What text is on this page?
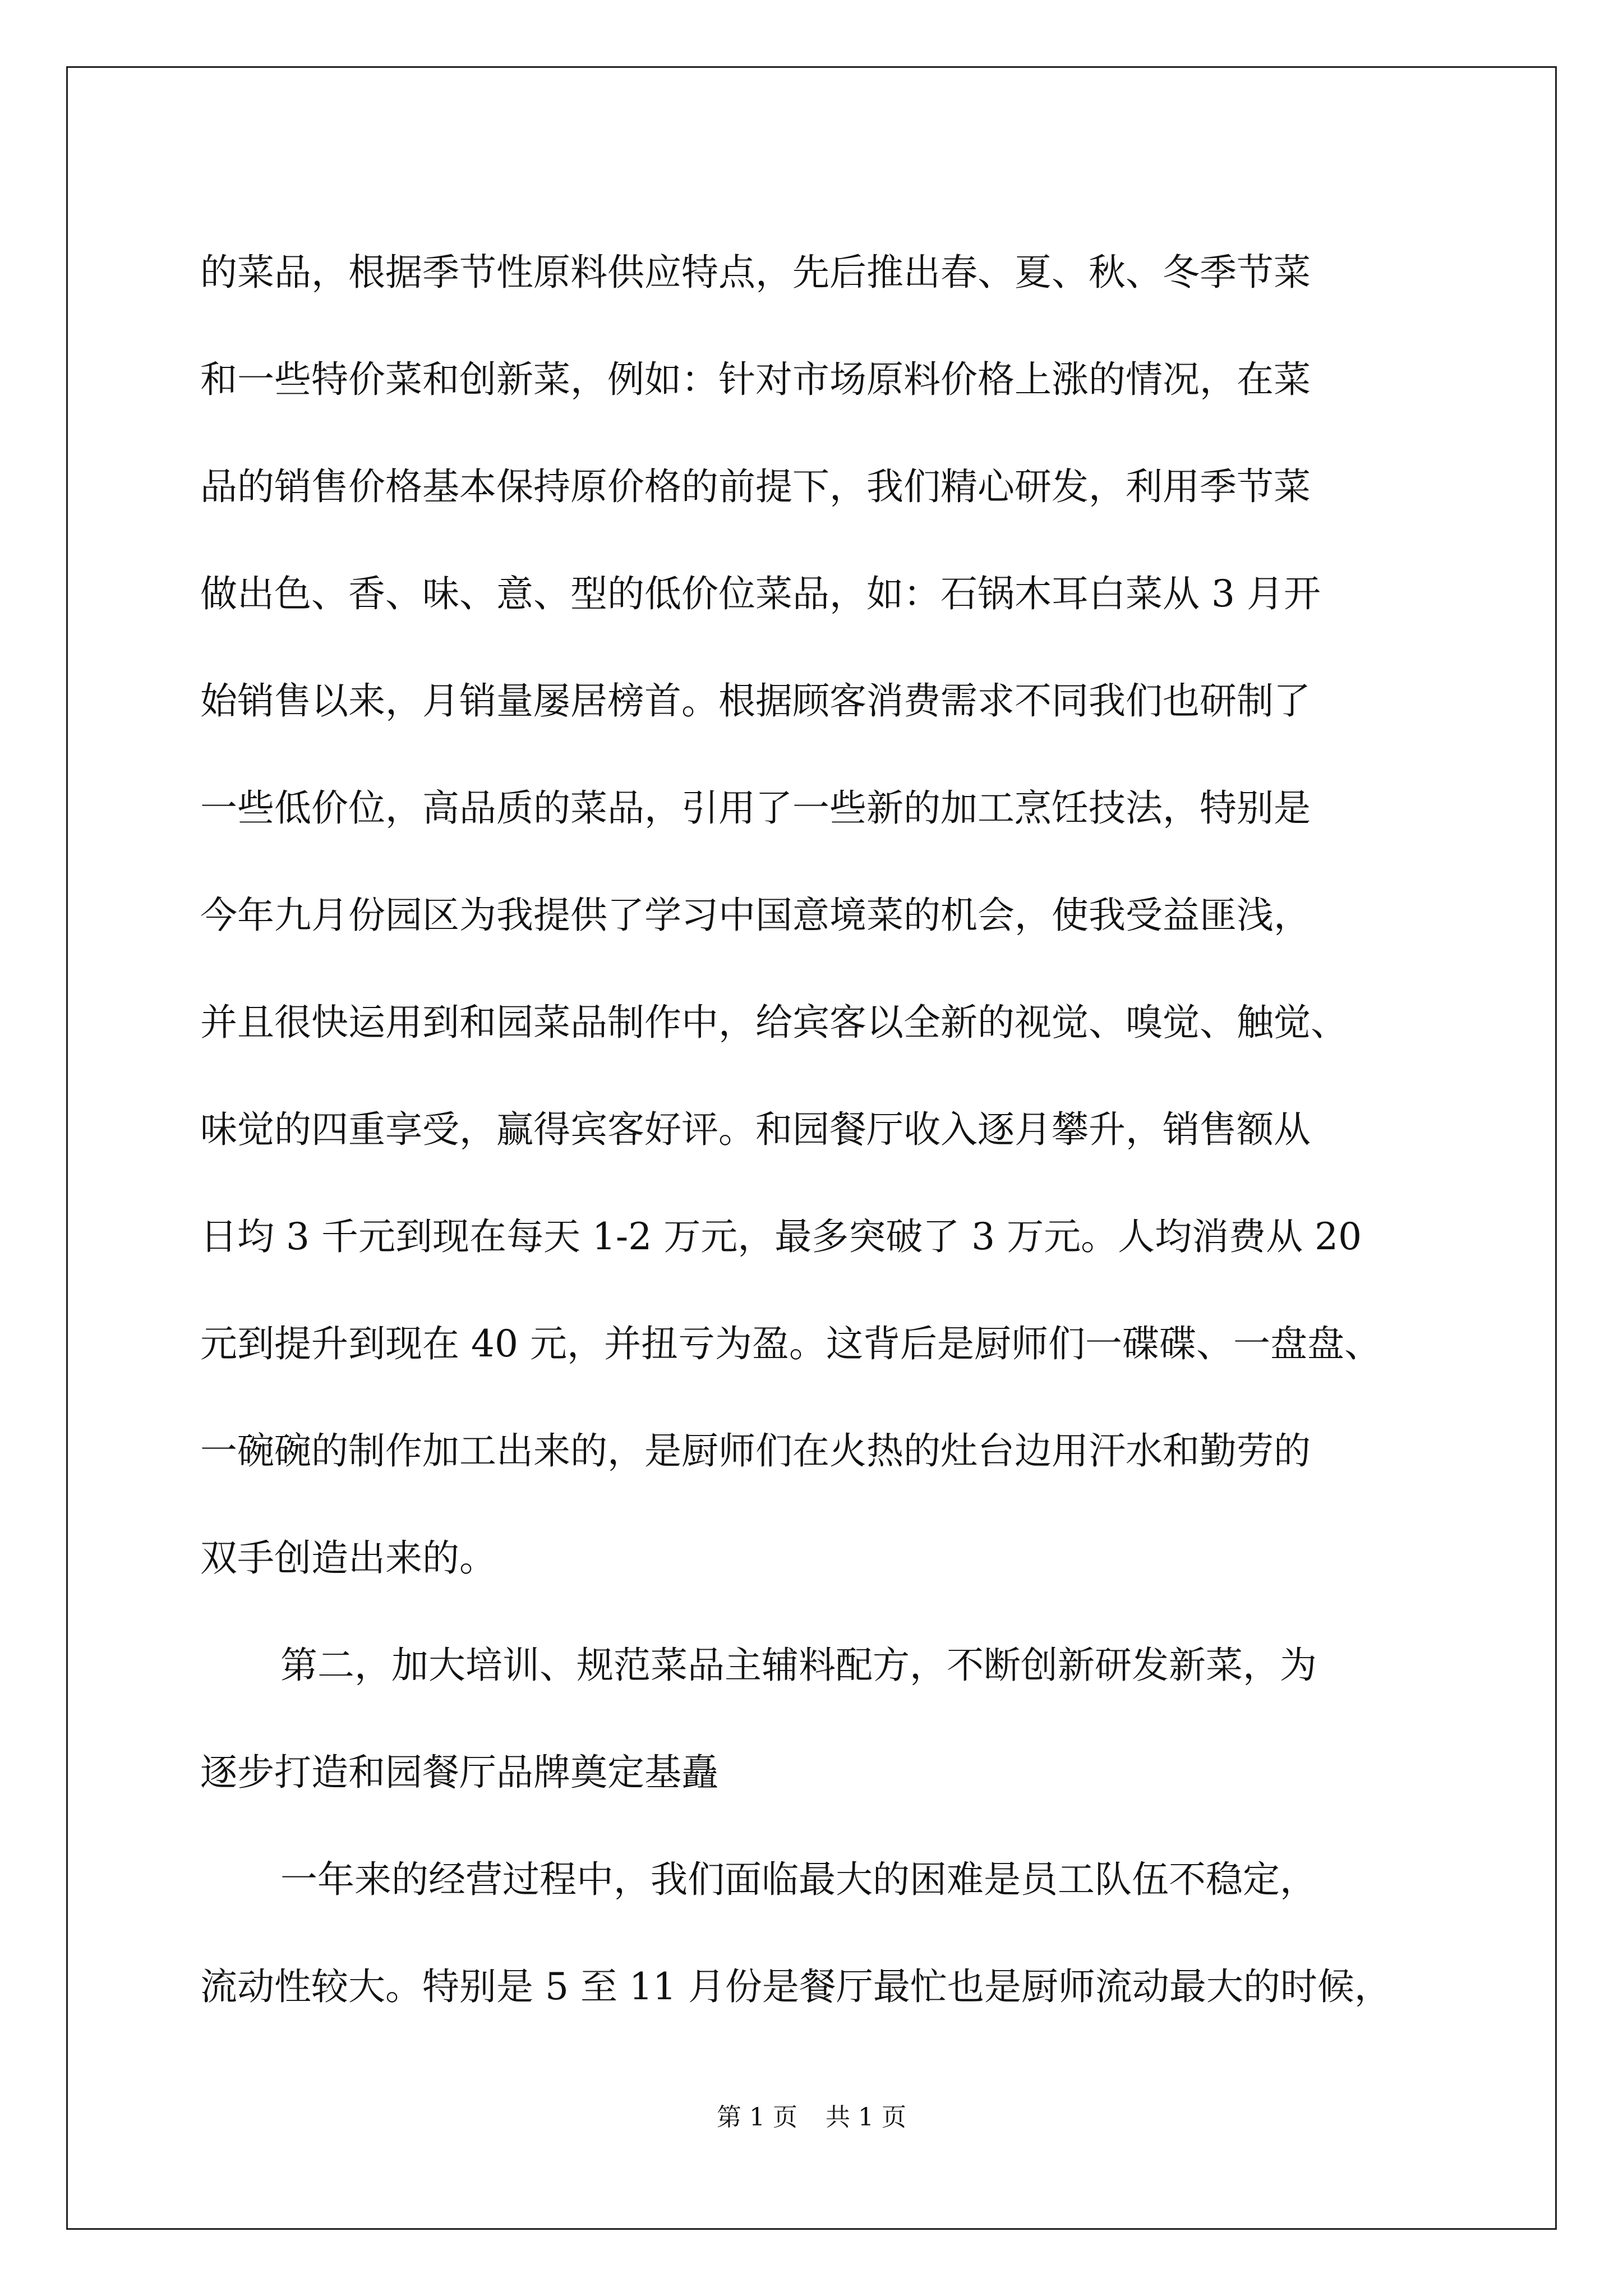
的菜品，根据季节性原料供应特点，先后推出春、夏、秋、冬季节菜
和一些特价菜和创新菜，例如：针对市场原料价格上涨的情况，在菜
品的销售价格基本保持原价格的前提下，我们精心研发，利用季节菜
做出色、香、味、意、型的低价位菜品，如：石锅木耳白菜从 3 月开
始销售以来，月销量屡居榜首。根据顾客消费需求不同我们也研制了
一些低价位，高品质的菜品，引用了一些新的加工烹饪技法，特别是
今年九月份园区为我提供了学习中国意境菜的机会，使我受益匪浅，
并且很快运用到和园菜品制作中，给宾客以全新的视觉、嗅觉、触觉、
味觉的四重享受，赢得宾客好评。和园餐厅收入逐月攀升，销售额从
日均 3 千元到现在每天 1-2 万元，最多突破了 3 万元。人均消费从 20
元到提升到现在 40 元，并扭亏为盈。这背后是厨师们一碟碟、一盘盘、
一碗碗的制作加工出来的，是厨师们在火热的灶台边用汗水和勤劳的
双手创造出来的。
第二，加大培训、规范菜品主辅料配方，不断创新研发新菜，为
逐步打造和园餐厅品牌奠定基矗
一年来的经营过程中，我们面临最大的困难是员工队伍不稳定，
流动性较大。特别是 5 至 11 月份是餐厅最忙也是厨师流动最大的时候，
第 1 页 共 1 页
